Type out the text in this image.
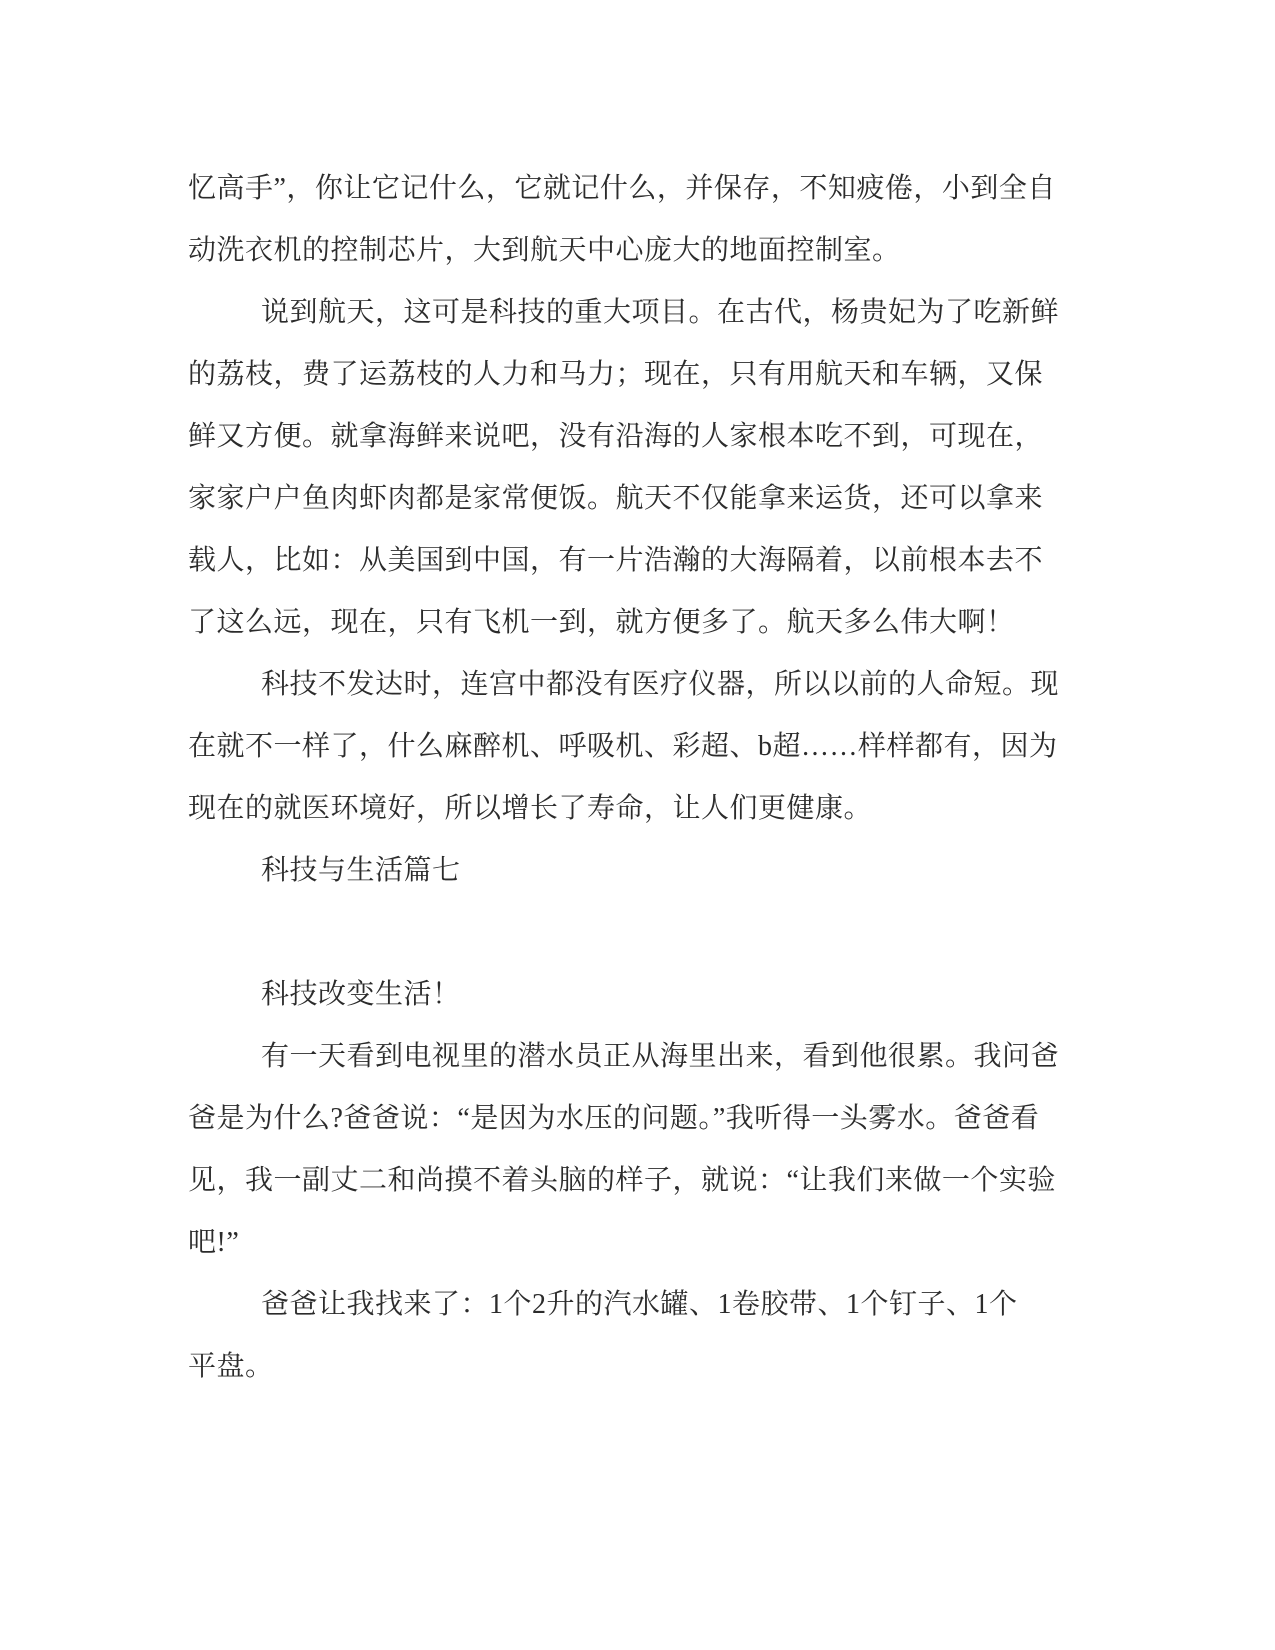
忆高手”，你让它记什么，它就记什么，并保存，不知疲倦，小到全自
动洗衣机的控制芯片，大到航天中心庞大的地面控制室。
说到航天，这可是科技的重大项目。在古代，杨贵妃为了吃新鲜
的荔枝，费了运荔枝的人力和马力；现在，只有用航天和车辆，又保
鲜又方便。就拿海鲜来说吧，没有沿海的人家根本吃不到，可现在，
家家户户鱼肉虾肉都是家常便饭。航天不仅能拿来运货，还可以拿来
载人，比如：从美国到中国，有一片浩瀚的大海隔着，以前根本去不
了这么远，现在，只有飞机一到，就方便多了。航天多么伟大啊！
科技不发达时，连宫中都没有医疗仪器，所以以前的人命短。现
在就不一样了，什么麻醉机、呼吸机、彩超、b超……样样都有，因为
现在的就医环境好，所以增长了寿命，让人们更健康。
科技与生活篇七
科技改变生活！
有一天看到电视里的潜水员正从海里出来，看到他很累。我问爸
爸是为什么?爸爸说：“是因为水压的问题。”我听得一头雾水。爸爸看
见，我一副丈二和尚摸不着头脑的样子，就说：“让我们来做一个实验
吧!”
爸爸让我找来了：1个2升的汽水罐、1卷胶带、1个钉子、1个
平盘。
